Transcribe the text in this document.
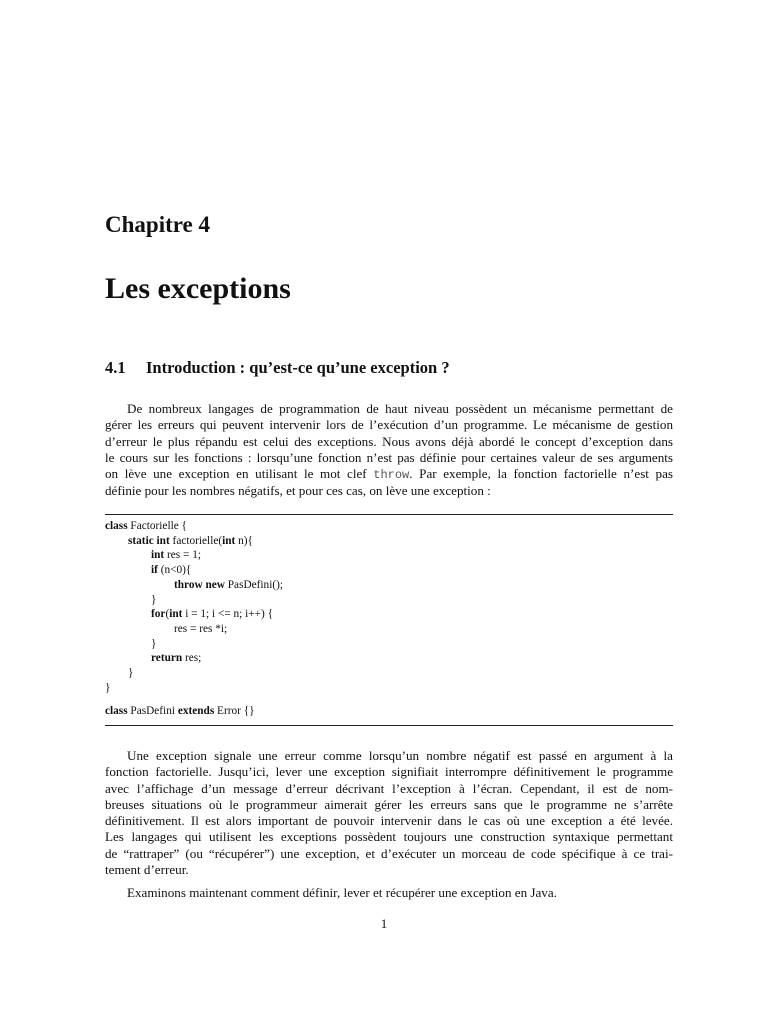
Chapitre 4
Les exceptions
4.1 Introduction : qu’est-ce qu’une exception ?
De nombreux langages de programmation de haut niveau possèdent un mécanisme permettant de
gérer les erreurs qui peuvent intervenir lors de l’exécution d’un programme. Le mécanisme de gestion
d’erreur le plus répandu est celui des exceptions. Nous avons déjà abordé le concept d’exception dans
le cours sur les fonctions : lorsqu’une fonction n’est pas définie pour certaines valeur de ses arguments
on lève une exception en utilisant le mot clef throw. Par exemple, la fonction factorielle n’est pas
définie pour les nombres négatifs, et pour ces cas, on lève une exception :
class Factorielle {
static int factorielle(int n){
int res = 1;
if (n<0){
throw new PasDefini();
}
for(int i = 1; i <= n; i++) {
res = res *i;
}
return res;
}
}
class PasDefini extends Error {}
Une exception signale une erreur comme lorsqu’un nombre négatif est passé en argument à la
fonction factorielle. Jusqu’ici, lever une exception signifiait interrompre définitivement le programme
avec l’affichage d’un message d’erreur décrivant l’exception à l’écran. Cependant, il est de nom-
breuses situations où le programmeur aimerait gérer les erreurs sans que le programme ne s’arrête
définitivement. Il est alors important de pouvoir intervenir dans le cas où une exception a été levée.
Les langages qui utilisent les exceptions possèdent toujours une construction syntaxique permettant
de “rattraper” (ou “récupérer”) une exception, et d’exécuter un morceau de code spécifique à ce trai-
tement d’erreur.

Examinons maintenant comment définir, lever et récupérer une exception en Java.

1
